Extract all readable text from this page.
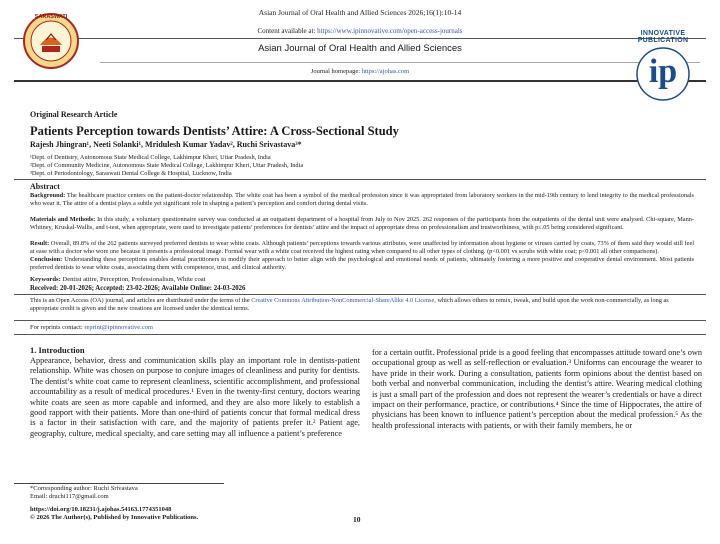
Asian Journal of Oral Health and Allied Sciences 2026;16(1):10-14
Content available at: https://www.ipinnovative.com/open-access-journals
Asian Journal of Oral Health and Allied Sciences
Journal homepage: https://ajohas.com
SARASWATI
INNOVATIVE PUBLICATION
ip
Original Research Article
Patients Perception towards Dentists’ Attire: A Cross-Sectional Study
Rajesh Jhingran¹, Neeti Solanki¹, Mridulesh Kumar Yadav², Ruchi Srivastava³*
¹Dept. of Dentistry, Autonomous State Medical College, Lakhimpur Kheri, Uttar Pradesh, India
²Dept. of Community Medicine, Autonomous State Medical College, Lakhimpur Kheri, Uttar Pradesh, India
³Dept. of Periodontology, Saraswati Dental College & Hospital, Lucknow, India
Abstract
Background: The healthcare practice centers on the patient-doctor relationship. The white coat has been a symbol of the medical profession since it was appropriated from laboratory workers in the mid-19th century to lend integrity to the medical professionals who wear it. The attire of a dentist plays a subtle yet significant role in shaping a patient’s perception and comfort during dental visits.
Materials and Methods: In this study, a voluntary questionnaire survey was conducted at an outpatient department of a hospital from July to Nov 2025. 262 responses of the participants from the outpatients of the dental unit were analysed. Chi-square, Mann-Whitney, Kruskal-Wallis, and t-test, when appropriate, were used to investigate patients’ preferences for dentists’ attire and the impact of appropriate dress on professionalism and trustworthiness, with p≤.05 being considered significant.
Result: Overall, 89.8% of the 262 patients surveyed preferred dentists to wear white coats. Although patients’ perceptions towards various attributes, were unaffected by information about hygiene or viruses carried by coats, 73% of them said they would still feel at ease with a doctor who wore one because it presents a professional image. Formal wear with a white coat received the highest rating when compared to all other types of clothing. (p<0.001 vs scrubs with white coat; p<0.001 all other comparisons).
Conclusion: Understanding these perceptions enables dental practitioners to modify their approach to better align with the psychological and emotional needs of patients, ultimately fostering a more positive and cooperative dental environment. Most patients preferred dentists to wear white coats, associating them with competence, trust, and clinical authority.
Keywords: Dentist attire, Perception, Professionalism, White coat
Received: 20-01-2026; Accepted: 23-02-2026; Available Online: 24-03-2026
This is an Open Access (OA) journal, and articles are distributed under the terms of the Creative Commons Attribution-NonCommercial-ShareAlike 4.0 License, which allows others to remix, tweak, and build upon the work non-commercially, as long as appropriate credit is given and the new creations are licensed under the identical terms.
For reprints contact: reprint@ipinnovative.com
1. Introduction
Appearance, behavior, dress and communication skills play an important role in dentists-patient relationship. White was chosen on purpose to conjure images of cleanliness and purity for dentists. The dentist’s white coat came to represent cleanliness, scientific accomplishment, and professional accountability as a result of medical procedures.¹ Even in the twenty-first century, doctors wearing white coats are seen as more capable and informed, and they are also more likely to establish a good rapport with their patients. More than one-third of patients concur that formal medical dress is a factor in their satisfaction with care, and the majority of patients prefer it.² Patient age, geography, culture, medical specialty, and care setting may all influence a patient’s preference
for a certain outfit. Professional pride is a good feeling that encompasses attitude toward one’s own occupational group as well as self-reflection or evaluation.³ Uniforms can encourage the wearer to have pride in their work. During a consultation, patients form opinions about the dentist based on both verbal and nonverbal communication, including the dentist’s attire. Wearing medical clothing is just a small part of the profession and does not represent the wearer’s credentials or have a direct impact on their performance, practice, or contributions.⁴ Since the time of Hippocrates, the attire of physicians has been known to influence patient’s perception about the medical profession.⁵ As the health professional interacts with patients, or with their family members, he or
*Corresponding author: Ruchi Srivastava
Email: druchi117@gmail.com
https://doi.org/10.18231/j.ajohas.54163.1774351048
© 2026 The Author(s), Published by Innovative Publications.	10
